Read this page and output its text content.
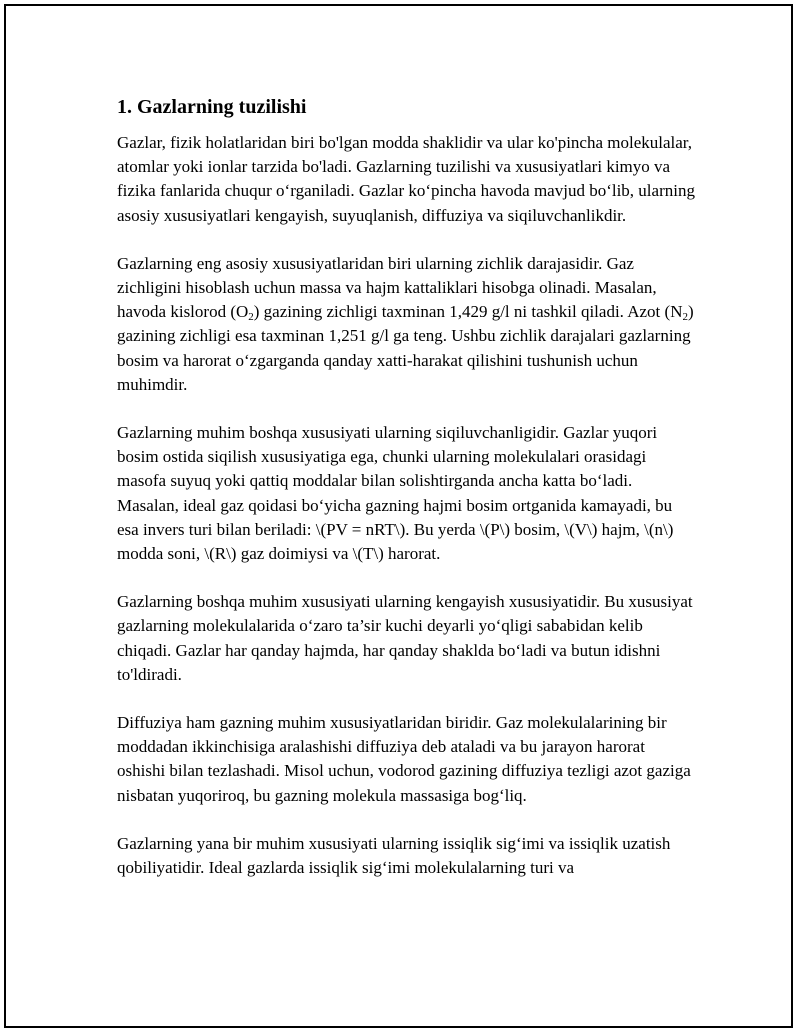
1. Gazlarning tuzilishi

Gazlar, fizik holatlaridan biri bo'lgan modda shaklidir va ular ko'pincha molekulalar, atomlar yoki ionlar tarzida bo'ladi. Gazlarning tuzilishi va xususiyatlari kimyo va fizika fanlarida chuqur o‘rganiladi. Gazlar ko‘pincha havoda mavjud bo‘lib, ularning asosiy xususiyatlari kengayish, suyuqlanish, diffuziya va siqiluvchanlikdir.

Gazlarning eng asosiy xususiyatlaridan biri ularning zichlik darajasidir. Gaz zichligini hisoblash uchun massa va hajm kattaliklari hisobga olinadi. Masalan, havoda kislorod $(O_2)$ gazining zichligi taxminan 1,429 g/l ni tashkil qiladi. Azot $(N_2)$ gazining zichligi esa taxminan 1,251 g/l ga teng. Ushbu zichlik darajalari gazlarning bosim va harorat o‘zgarganda qanday xatti-harakat qilishini tushunish uchun muhimdir.

Gazlarning muhim boshqa xususiyati ularning siqiluvchanligidir. Gazlar yuqori bosim ostida siqilish xususiyatiga ega, chunki ularning molekulalari orasidagi masofa suyuq yoki qattiq moddalar bilan solishtirganda ancha katta bo‘ladi. Masalan, ideal gaz qoidasi bo‘yicha gazning hajmi bosim ortganida kamayadi, bu esa invers turi bilan beriladi: \(PV = nRT\). Bu yerda \(P\) bosim, \(V\) hajm, \(n\) modda soni, \(R\) gaz doimiysi va \(T\) harorat.

Gazlarning boshqa muhim xususiyati ularning kengayish xususiyatidir. Bu xususiyat gazlarning molekulalarida o‘zaro ta’sir kuchi deyarli yo‘qligi sababidan kelib chiqadi. Gazlar har qanday hajmda, har qanday shaklda bo‘ladi va butun idishni to'ldiradi.

Diffuziya ham gazning muhim xususiyatlaridan biridir. Gaz molekulalarining bir moddadan ikkinchisiga aralashishi diffuziya deb ataladi va bu jarayon harorat oshishi bilan tezlashadi. Misol uchun, vodorod gazining diffuziya tezligi azot gaziga nisbatan yuqoriroq, bu gazning molekula massasiga bog‘liq.

Gazlarning yana bir muhim xususiyati ularning issiqlik sig‘imi va issiqlik uzatish qobiliyatidir. Ideal gazlarda issiqlik sig‘imi molekulalarning turi va
